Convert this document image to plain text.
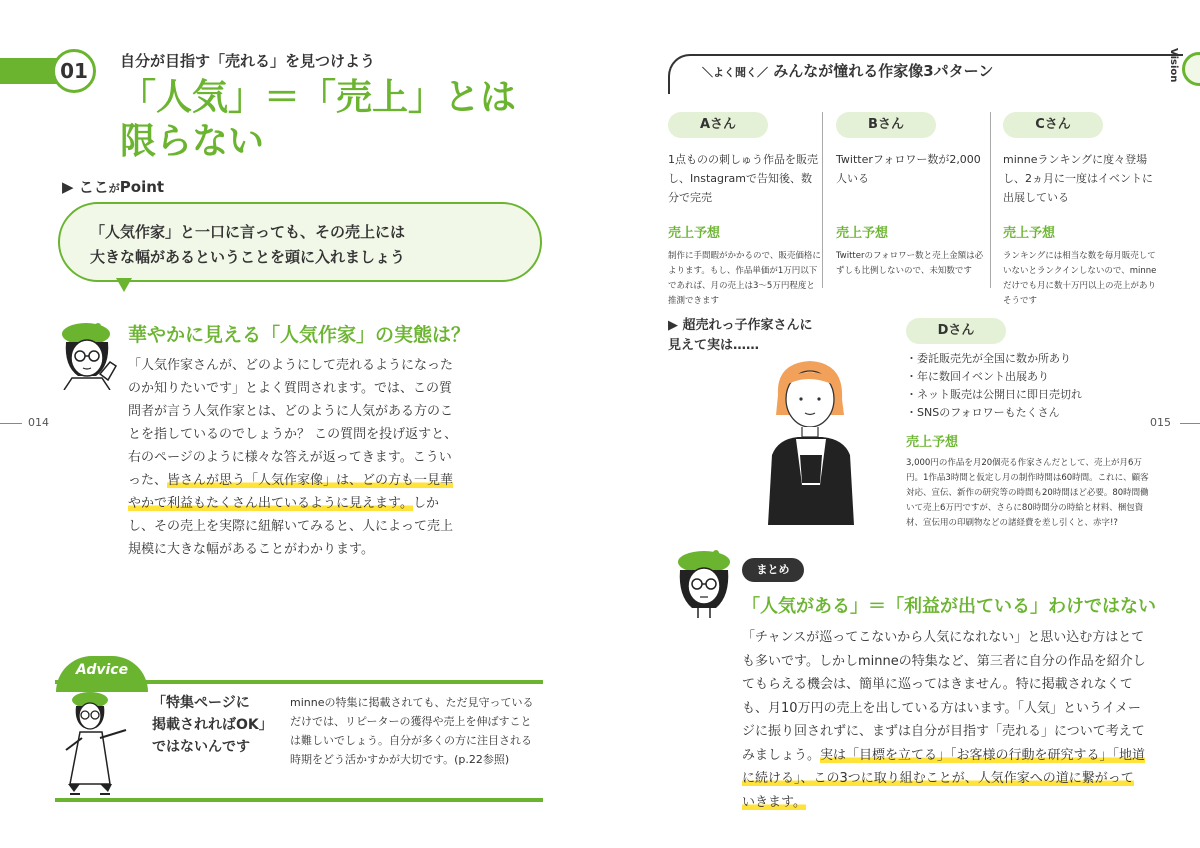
01	自分が目指す「売れる」を見つけよう
「人気」＝「売上」とは
限らない
▶ ここがPoint
「人気作家」と一口に言っても、その売上には
大きな幅があるということを頭に入れましょう
華やかに見える「人気作家」の実態は？
「人気作家さんが、どのようにして売れるようになったのか知りたいです」とよく質問されます。では、この質問者が言う人気作家とは、どのように人気がある方のことを指しているのでしょうか？ この質問を投げ返すと、右のページのように様々な答えが返ってきます。こういった、皆さんが思う「人気作家像」は、どの方も一見華やかで利益もたくさん出ているように見えます。しかし、その売上を実際に紐解いてみると、人によって売上規模に大きな幅があることがわかります。
Advice
「特集ページに
掲載されればOK」
ではないんです
minneの特集に掲載されても、ただ見守っているだけでは、リピーターの獲得や売上を伸ばすことは難しいでしょう。自分が多くの方に注目される時期をどう活かすかが大切です。(p.22参照)
014
＼よく聞く／ みんなが憧れる作家像3パターン	Vision
Aさん
1点ものの刺しゅう作品を販売し、Instagramで告知後、数分で完売
売上予想
制作に手間暇がかかるので、販売価格によります。もし、作品単価が1万円以下であれば、月の売上は3〜5万円程度と推測できます
Bさん
Twitterフォロワー数が2,000人いる
売上予想
Twitterのフォロワー数と売上金額は必ずしも比例しないので、未知数です
Cさん
minneランキングに度々登場し、2ヵ月に一度はイベントに出展している
売上予想
ランキングには相当な数を毎月販売していないとランクインしないので、minneだけでも月に数十万円以上の売上がありそうです
▶ 超売れっ子作家さんに
見えて実は……
Dさん
・委託販売先が全国に数か所あり
・年に数回イベント出展あり
・ネット販売は公開日に即日売切れ
・SNSのフォロワーもたくさん
売上予想
3,000円の作品を月20個売る作家さんだとして、売上が月6万円。1作品3時間と仮定し月の制作時間は60時間。これに、顧客対応、宣伝、新作の研究等の時間も20時間ほど必要。80時間働いて売上6万円ですが、さらに80時間分の時給と材料、梱包資材、宣伝用の印刷物などの諸経費を差し引くと、赤字!?
まとめ
「人気がある」＝「利益が出ている」わけではない
「チャンスが巡ってこないから人気になれない」と思い込む方はとても多いです。しかしminneの特集など、第三者に自分の作品を紹介してもらえる機会は、簡単に巡ってはきません。特に掲載されなくても、月10万円の売上を出している方はいます。「人気」というイメージに振り回されずに、まずは自分が目指す「売れる」について考えてみましょう。実は「目標を立てる」「お客様の行動を研究する」「地道に続ける」、この3つに取り組むことが、人気作家への道に繋がっていきます。
015
